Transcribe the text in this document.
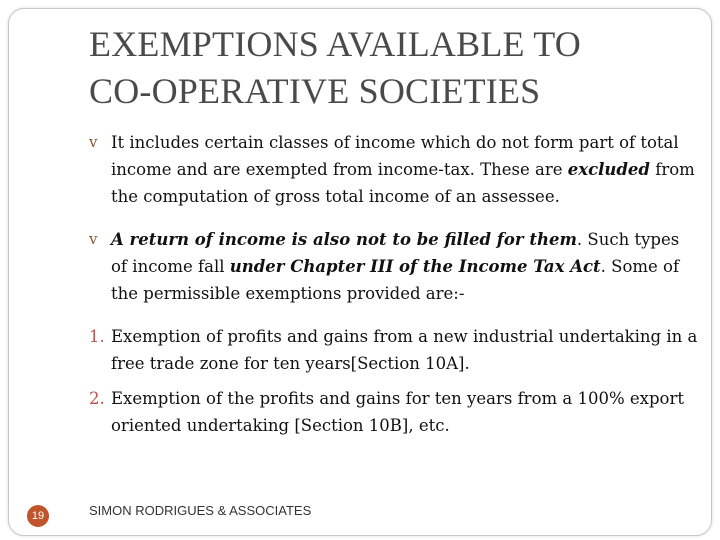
EXEMPTIONS AVAILABLE TO
CO-OPERATIVE SOCIETIES
v It includes certain classes of income which do not form part of total income and are exempted from income-tax. These are excluded from the computation of gross total income of an assessee.
v A return of income is also not to be filled for them. Such types of income fall under Chapter III of the Income Tax Act. Some of the permissible exemptions provided are:-
1. Exemption of profits and gains from a new industrial undertaking in a free trade zone for ten years[Section 10A].
2. Exemption of the profits and gains for ten years from a 100% export oriented undertaking [Section 10B], etc.
19	SIMON RODRIGUES & ASSOCIATES
